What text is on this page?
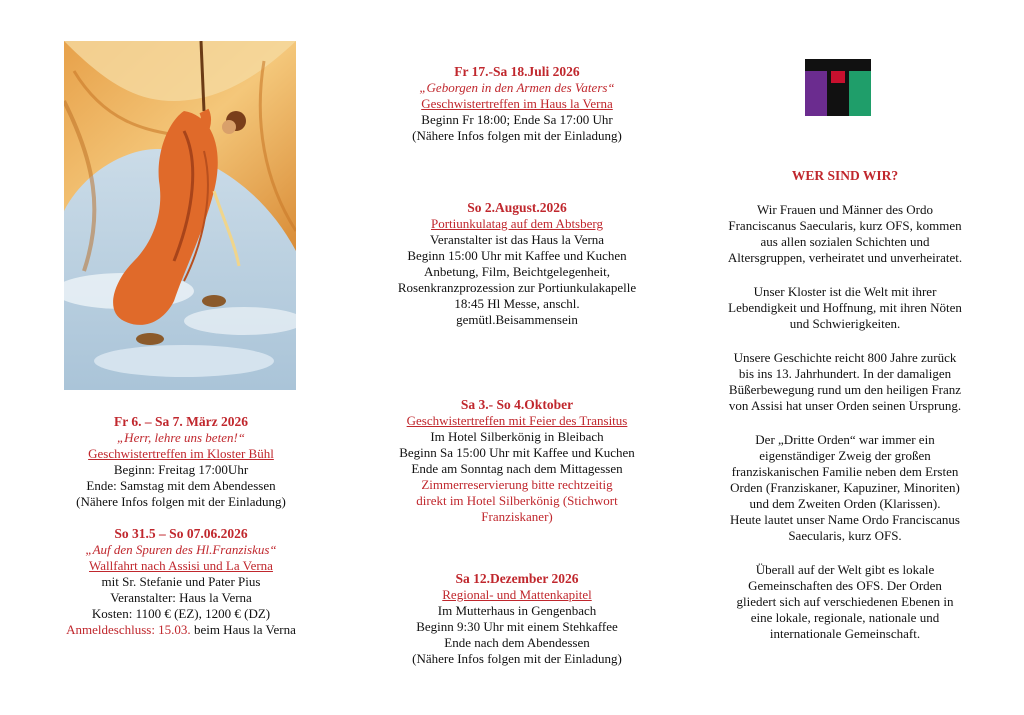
Fr 6. – Sa 7. März 2026
„Herr, lehre uns beten!“
Geschwistertreffen im Kloster Bühl
Beginn: Freitag 17:00Uhr
Ende: Samstag mit dem Abendessen
(Nähere Infos folgen mit der Einladung)
So 31.5 – So 07.06.2026
„Auf den Spuren des Hl.Franziskus“
Wallfahrt nach Assisi und La Verna
mit Sr. Stefanie und Pater Pius
Veranstalter: Haus la Verna
Kosten: 1100 € (EZ), 1200 € (DZ)
Anmeldeschluss: 15.03. beim Haus la Verna
Fr 17.-Sa 18.Juli 2026
„Geborgen in den Armen des Vaters“
Geschwistertreffen im Haus la Verna
Beginn Fr 18:00; Ende Sa 17:00 Uhr
(Nähere Infos folgen mit der Einladung)
So 2.August.2026
Portiunkulatag auf dem Abtsberg
Veranstalter ist das Haus la Verna
Beginn 15:00 Uhr mit Kaffee und Kuchen
Anbetung, Film, Beichtgelegenheit,
Rosenkranzprozession zur Portiunkulakapelle
18:45 Hl Messe, anschl.
gemütl.Beisammensein
Sa 3.- So 4.Oktober
Geschwistertreffen mit Feier des Transitus
Im Hotel Silberkönig in Bleibach
Beginn Sa 15:00 Uhr mit Kaffee und Kuchen
Ende am Sonntag nach dem Mittagessen
Zimmerreservierung bitte rechtzeitig
direkt im Hotel Silberkönig (Stichwort
Franziskaner)
Sa 12.Dezember 2026
Regional- und Mattenkapitel
Im Mutterhaus in Gengenbach
Beginn 9:30 Uhr mit einem Stehkaffee
Ende nach dem Abendessen
(Nähere Infos folgen mit der Einladung)
WER SIND WIR?
Wir Frauen und Männer des Ordo
Franciscanus Saecularis, kurz OFS, kommen
aus allen sozialen Schichten und
Altersgruppen, verheiratet und unverheiratet.
Unser Kloster ist die Welt mit ihrer
Lebendigkeit und Hoffnung, mit ihren Nöten
und Schwierigkeiten.
Unsere Geschichte reicht 800 Jahre zurück
bis ins 13. Jahrhundert. In der damaligen
Büßerbewegung rund um den heiligen Franz
von Assisi hat unser Orden seinen Ursprung.
Der „Dritte Orden“ war immer ein
eigenständiger Zweig der großen
franziskanischen Familie neben dem Ersten
Orden (Franziskaner, Kapuziner, Minoriten)
und dem Zweiten Orden (Klarissen).
Heute lautet unser Name Ordo Franciscanus
Saecularis, kurz OFS.
Überall auf der Welt gibt es lokale
Gemeinschaften des OFS. Der Orden
gliedert sich auf verschiedenen Ebenen in
eine lokale, regionale, nationale und
internationale Gemeinschaft.
